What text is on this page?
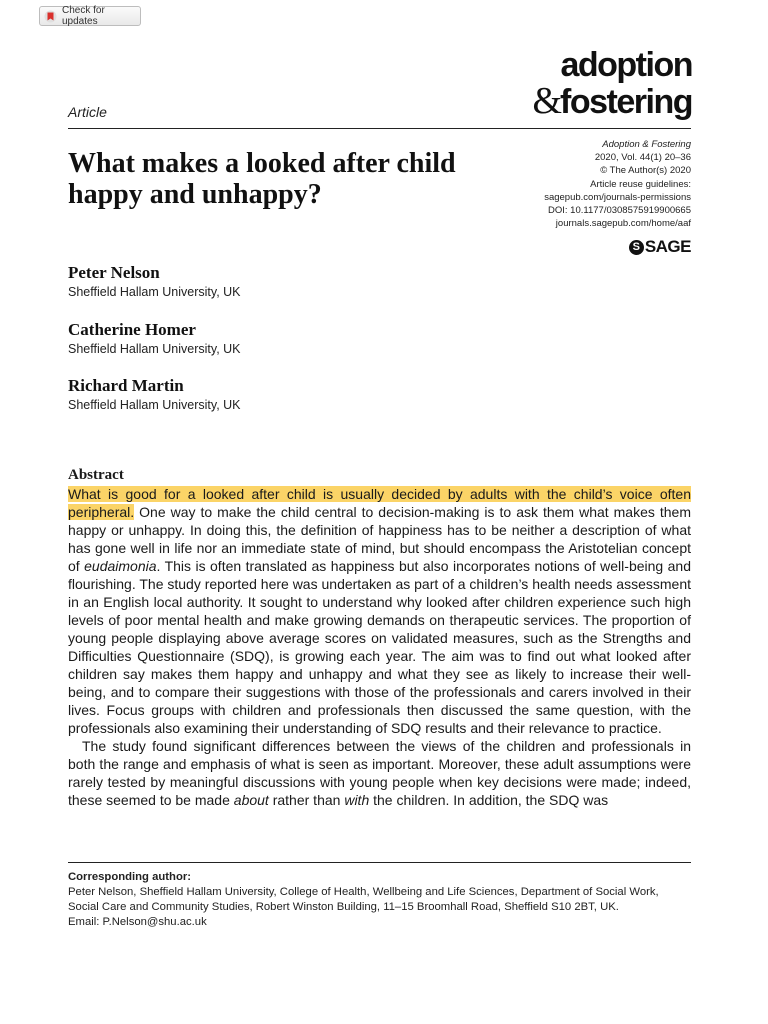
Check for updates
adoption
&fostering
Article
What makes a looked after child happy and unhappy?
Adoption & Fostering
2020, Vol. 44(1) 20–36
© The Author(s) 2020
Article reuse guidelines:
sagepub.com/journals-permissions
DOI: 10.1177/0308575919900665
journals.sagepub.com/home/aaf
S SAGE
Peter Nelson
Sheffield Hallam University, UK
Catherine Homer
Sheffield Hallam University, UK
Richard Martin
Sheffield Hallam University, UK
Abstract

What is good for a looked after child is usually decided by adults with the child’s voice often peripheral. One way to make the child central to decision-making is to ask them what makes them happy or unhappy. In doing this, the definition of happiness has to be neither a description of what has gone well in life nor an immediate state of mind, but should encompass the Aristotelian concept of eudaimonia. This is often translated as happiness but also incorporates notions of well-being and flourishing. The study reported here was undertaken as part of a children’s health needs assessment in an English local authority. It sought to understand why looked after children experience such high levels of poor mental health and make growing demands on therapeutic services. The proportion of young people displaying above average scores on validated measures, such as the Strengths and Difficulties Questionnaire (SDQ), is growing each year. The aim was to find out what looked after children say makes them happy and unhappy and what they see as likely to increase their well-being, and to compare their suggestions with those of the professionals and carers involved in their lives. Focus groups with children and professionals then discussed the same question, with the professionals also examining their understanding of SDQ results and their relevance to practice.

The study found significant differences between the views of the children and professionals in both the range and emphasis of what is seen as important. Moreover, these adult assumptions were rarely tested by meaningful discussions with young people when key decisions were made; indeed, these seemed to be made about rather than with the children. In addition, the SDQ was

Corresponding author:
Peter Nelson, Sheffield Hallam University, College of Health, Wellbeing and Life Sciences, Department of Social Work, Social Care and Community Studies, Robert Winston Building, 11–15 Broomhall Road, Sheffield S10 2BT, UK.
Email: P.Nelson@shu.ac.uk
